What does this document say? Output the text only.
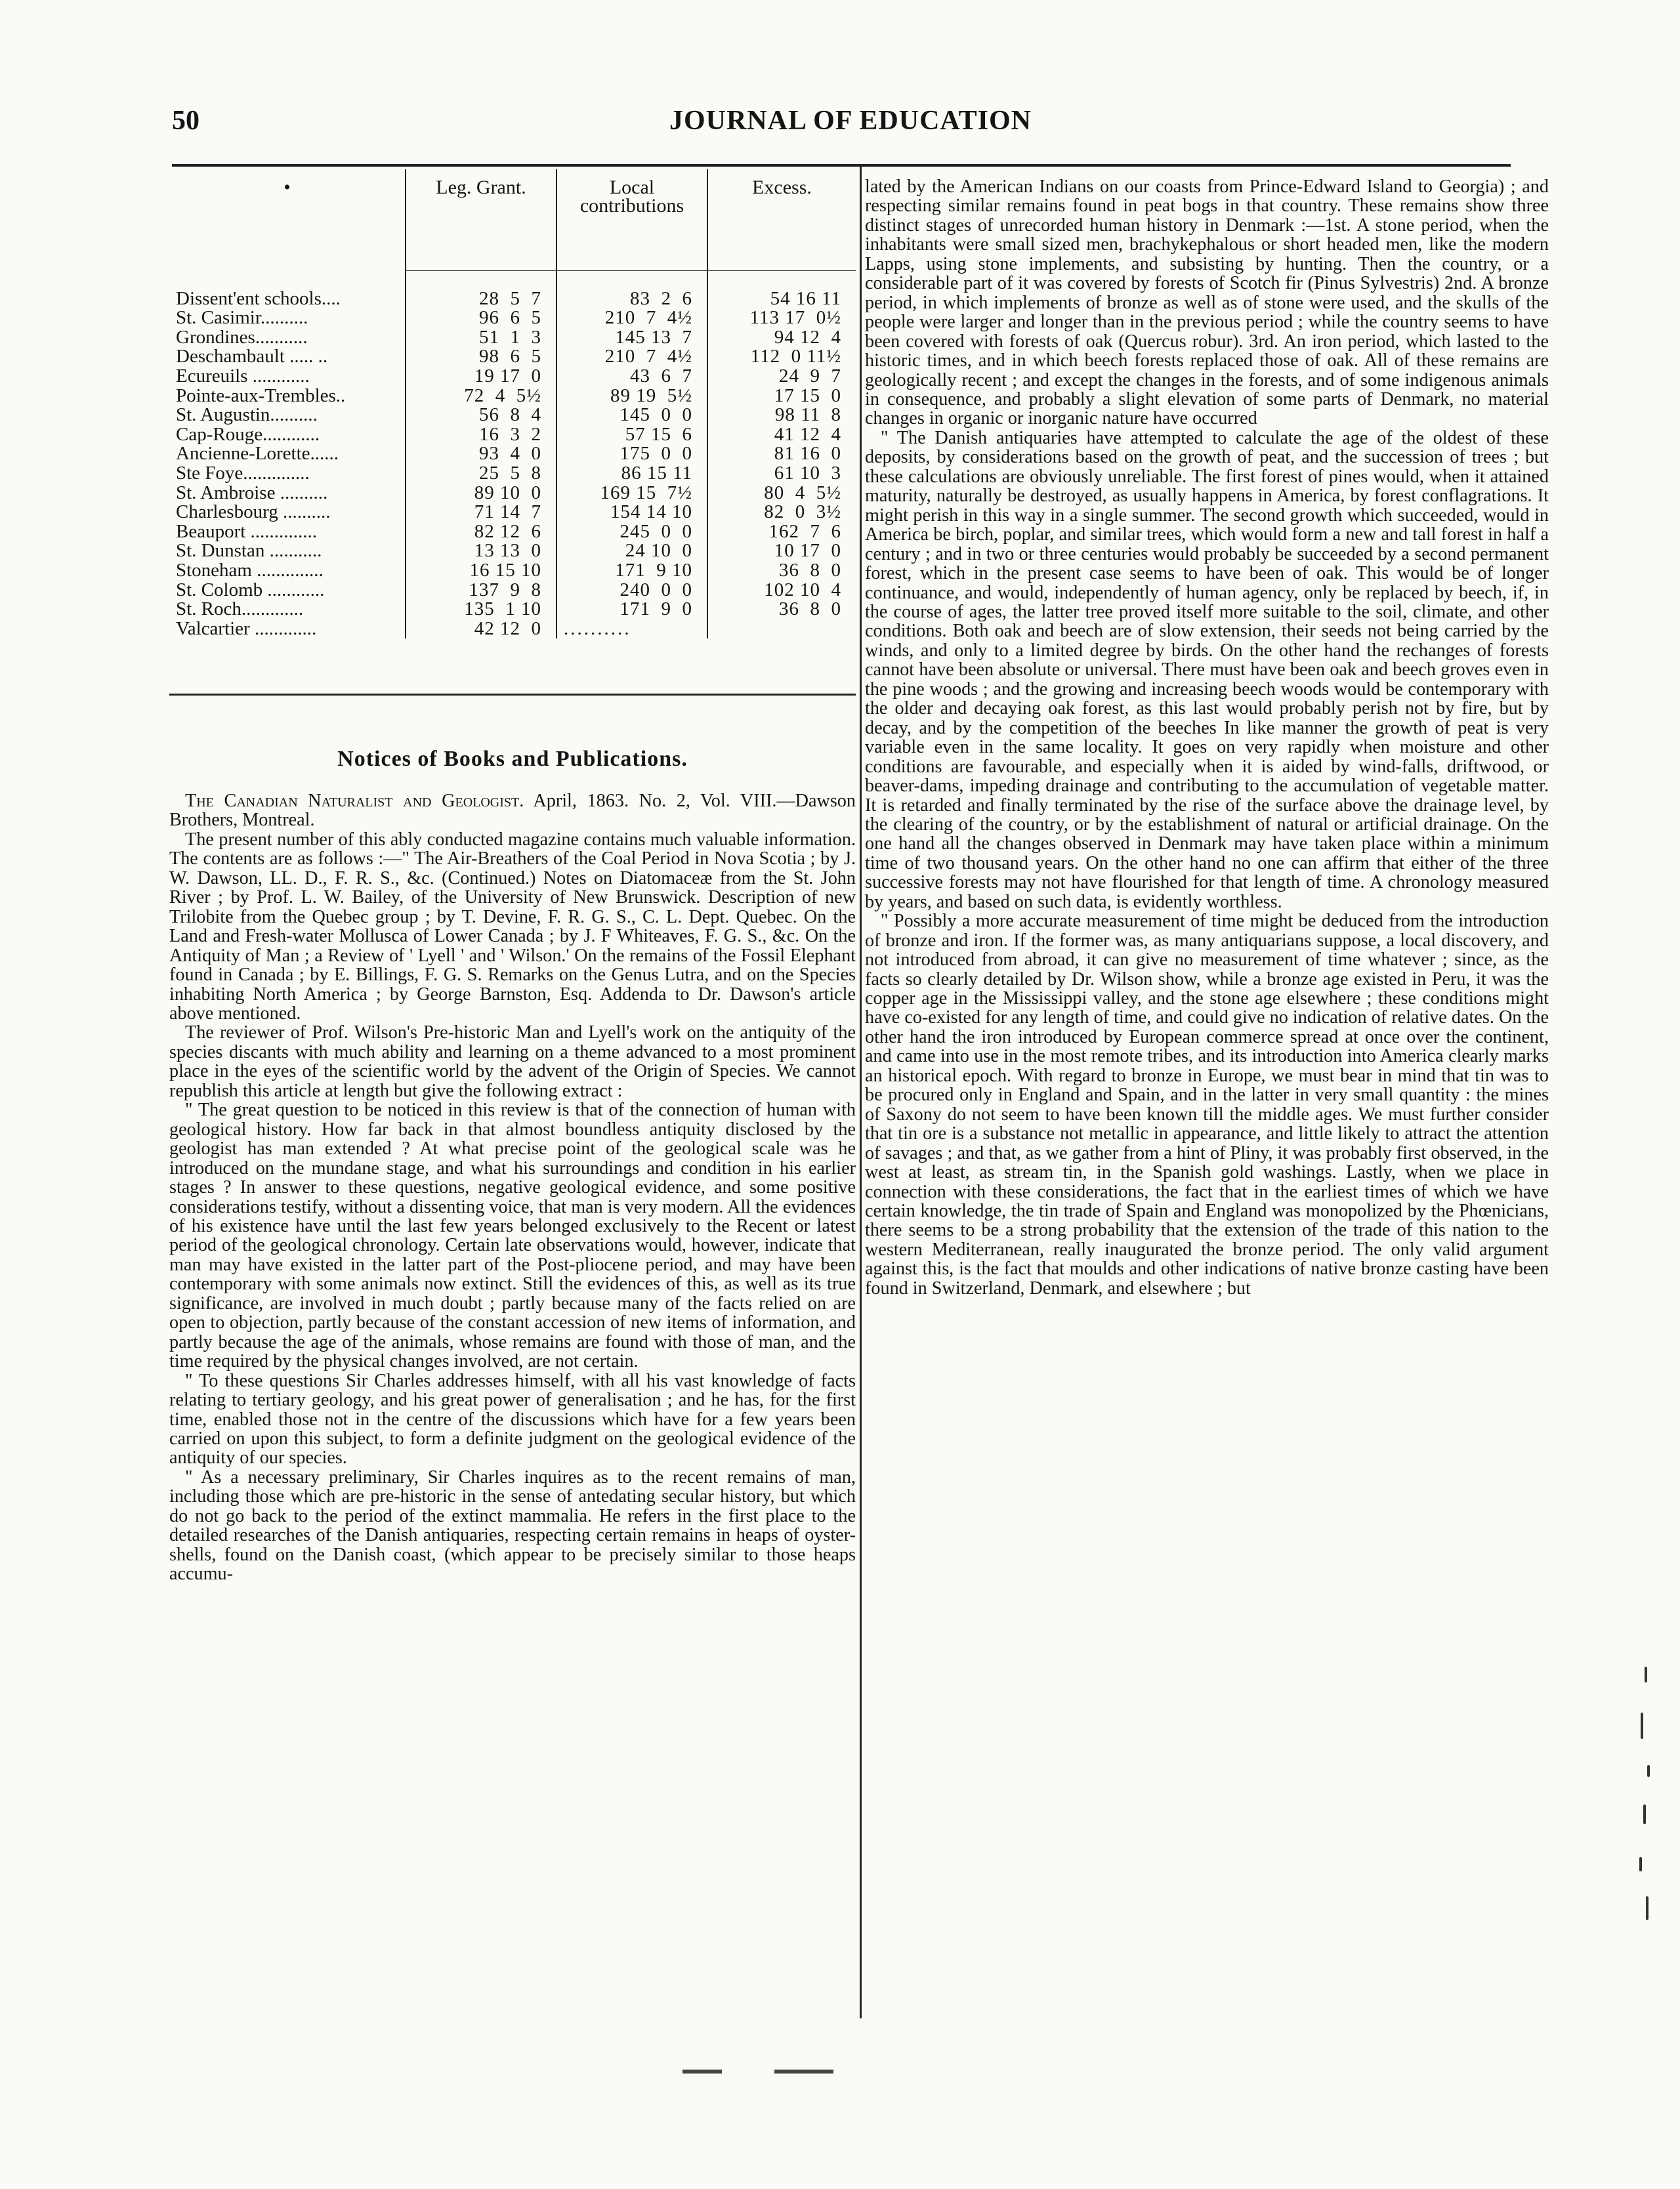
50	JOURNAL OF EDUCATION
•	Leg. Grant.	Local contributions	Excess.
Dissent'ent schools....	28  5  7	83  2  6	54 16 11
St. Casimir..........	96  6  5	210  7  4½	113 17  0½
Grondines...........	51  1  3	145 13  7	94 12  4
Deschambault ..... ..	98  6  5	210  7  4½	112  0 11½
Ecureuils ............	19 17  0	43  6  7	24  9  7
Pointe-aux-Trembles..	72  4  5½	89 19  5½	17 15  0
St. Augustin..........	56  8  4	145  0  0	98 11  8
Cap-Rouge............	16  3  2	57 15  6	41 12  4
Ancienne-Lorette......	93  4  0	175  0  0	81 16  0
Ste Foye..............	25  5  8	86 15 11	61 10  3
St. Ambroise ..........	89 10  0	169 15  7½	80  4  5½
Charlesbourg ..........	71 14  7	154 14 10	82  0  3½
Beauport ..............	82 12  6	245  0  0	162  7  6
St. Dunstan ...........	13 13  0	24 10  0	10 17  0
Stoneham ..............	16 15 10	171  9 10	36  8  0
St. Colomb ............	137  9  8	240  0  0	102 10  4
St. Roch.............	135  1 10	171  9  0	36  8  0
Valcartier .............	42 12  0	..........	
Notices of Books and Publications.

The Canadian Naturalist and Geologist. April, 1863. No. 2, Vol. VIII.—Dawson Brothers, Montreal.

The present number of this ably conducted magazine contains much valuable information. The contents are as follows :—" The Air-Breathers of the Coal Period in Nova Scotia ; by J. W. Dawson, LL. D., F. R. S., &c. (Continued.) Notes on Diatomaceæ from the St. John River ; by Prof. L. W. Bailey, of the University of New Brunswick. Description of new Trilobite from the Quebec group ; by T. Devine, F. R. G. S., C. L. Dept. Quebec. On the Land and Fresh-water Mollusca of Lower Canada ; by J. F Whiteaves, F. G. S., &c. On the Antiquity of Man ; a Review of ' Lyell ' and ' Wilson.' On the remains of the Fossil Elephant found in Canada ; by E. Billings, F. G. S. Remarks on the Genus Lutra, and on the Species inhabiting North America ; by George Barnston, Esq. Addenda to Dr. Dawson's article above mentioned.

The reviewer of Prof. Wilson's Pre-historic Man and Lyell's work on the antiquity of the species discants with much ability and learning on a theme advanced to a most prominent place in the eyes of the scientific world by the advent of the Origin of Species. We cannot republish this article at length but give the following extract :

" The great question to be noticed in this review is that of the connection of human with geological history. How far back in that almost boundless antiquity disclosed by the geologist has man extended ? At what precise point of the geological scale was he introduced on the mundane stage, and what his surroundings and condition in his earlier stages ? In answer to these questions, negative geological evidence, and some positive considerations testify, without a dissenting voice, that man is very modern. All the evidences of his existence have until the last few years belonged exclusively to the Recent or latest period of the geological chronology. Certain late observations would, however, indicate that man may have existed in the latter part of the Post-pliocene period, and may have been contemporary with some animals now extinct. Still the evidences of this, as well as its true significance, are involved in much doubt ; partly because many of the facts relied on are open to objection, partly because of the constant accession of new items of information, and partly because the age of the animals, whose remains are found with those of man, and the time required by the physical changes involved, are not certain.

" To these questions Sir Charles addresses himself, with all his vast knowledge of facts relating to tertiary geology, and his great power of generalisation ; and he has, for the first time, enabled those not in the centre of the discussions which have for a few years been carried on upon this subject, to form a definite judgment on the geological evidence of the antiquity of our species.

" As a necessary preliminary, Sir Charles inquires as to the recent remains of man, including those which are pre-historic in the sense of antedating secular history, but which do not go back to the period of the extinct mammalia. He refers in the first place to the detailed researches of the Danish antiquaries, respecting certain remains in heaps of oyster-shells, found on the Danish coast, (which appear to be precisely similar to those heaps accumu-

lated by the American Indians on our coasts from Prince-Edward Island to Georgia) ; and respecting similar remains found in peat bogs in that country. These remains show three distinct stages of unrecorded human history in Denmark :—1st. A stone period, when the inhabitants were small sized men, brachykephalous or short headed men, like the modern Lapps, using stone implements, and subsisting by hunting. Then the country, or a considerable part of it was covered by forests of Scotch fir (Pinus Sylvestris) 2nd. A bronze period, in which implements of bronze as well as of stone were used, and the skulls of the people were larger and longer than in the previous period ; while the country seems to have been covered with forests of oak (Quercus robur). 3rd. An iron period, which lasted to the historic times, and in which beech forests replaced those of oak. All of these remains are geologically recent ; and except the changes in the forests, and of some indigenous animals in consequence, and probably a slight elevation of some parts of Denmark, no material changes in organic or inorganic nature have occurred

" The Danish antiquaries have attempted to calculate the age of the oldest of these deposits, by considerations based on the growth of peat, and the succession of trees ; but these calculations are obviously unreliable. The first forest of pines would, when it attained maturity, naturally be destroyed, as usually happens in America, by forest conflagrations. It might perish in this way in a single summer. The second growth which succeeded, would in America be birch, poplar, and similar trees, which would form a new and tall forest in half a century ; and in two or three centuries would probably be succeeded by a second permanent forest, which in the present case seems to have been of oak. This would be of longer continuance, and would, independently of human agency, only be replaced by beech, if, in the course of ages, the latter tree proved itself more suitable to the soil, climate, and other conditions. Both oak and beech are of slow extension, their seeds not being carried by the winds, and only to a limited degree by birds. On the other hand the rechanges of forests cannot have been absolute or universal. There must have been oak and beech groves even in the pine woods ; and the growing and increasing beech woods would be contemporary with the older and decaying oak forest, as this last would probably perish not by fire, but by decay, and by the competition of the beeches In like manner the growth of peat is very variable even in the same locality. It goes on very rapidly when moisture and other conditions are favourable, and especially when it is aided by wind-falls, driftwood, or beaver-dams, impeding drainage and contributing to the accumulation of vegetable matter. It is retarded and finally terminated by the rise of the surface above the drainage level, by the clearing of the country, or by the establishment of natural or artificial drainage. On the one hand all the changes observed in Denmark may have taken place within a minimum time of two thousand years. On the other hand no one can affirm that either of the three successive forests may not have flourished for that length of time. A chronology measured by years, and based on such data, is evidently worthless.

" Possibly a more accurate measurement of time might be deduced from the introduction of bronze and iron. If the former was, as many antiquarians suppose, a local discovery, and not introduced from abroad, it can give no measurement of time whatever ; since, as the facts so clearly detailed by Dr. Wilson show, while a bronze age existed in Peru, it was the copper age in the Mississippi valley, and the stone age elsewhere ; these conditions might have co-existed for any length of time, and could give no indication of relative dates. On the other hand the iron introduced by European commerce spread at once over the continent, and came into use in the most remote tribes, and its introduction into America clearly marks an historical epoch. With regard to bronze in Europe, we must bear in mind that tin was to be procured only in England and Spain, and in the latter in very small quantity : the mines of Saxony do not seem to have been known till the middle ages. We must further consider that tin ore is a substance not metallic in appearance, and little likely to attract the attention of savages ; and that, as we gather from a hint of Pliny, it was probably first observed, in the west at least, as stream tin, in the Spanish gold washings. Lastly, when we place in connection with these considerations, the fact that in the earliest times of which we have certain knowledge, the tin trade of Spain and England was monopolized by the Phœnicians, there seems to be a strong probability that the extension of the trade of this nation to the western Mediterranean, really inaugurated the bronze period. The only valid argument against this, is the fact that moulds and other indications of native bronze casting have been found in Switzerland, Denmark, and elsewhere ; but
